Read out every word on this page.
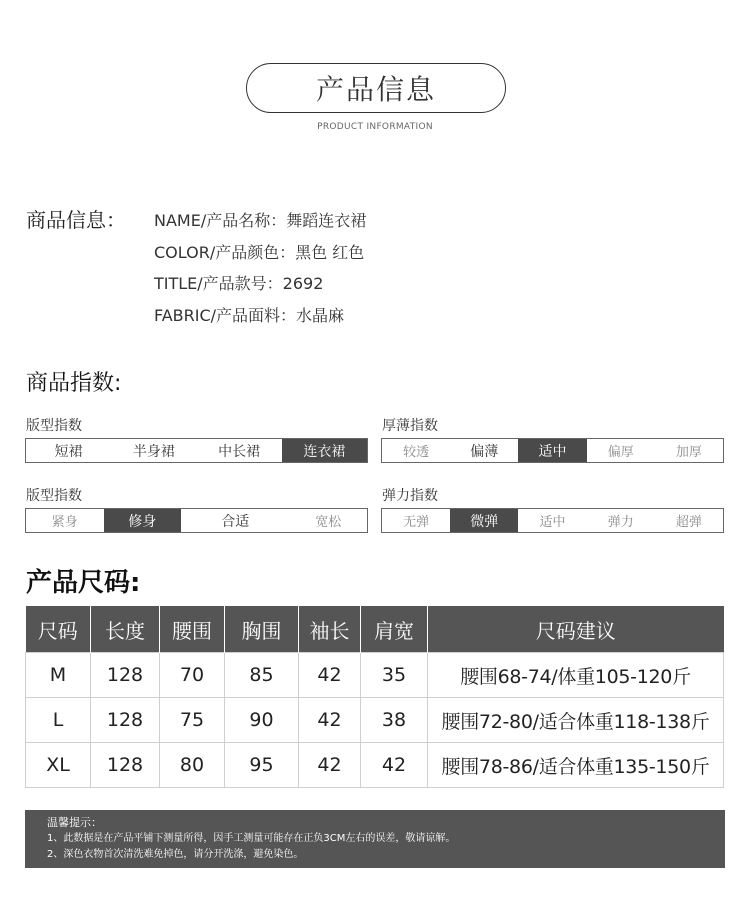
产品信息
PRODUCT INFORMATION
商品信息： NAME/产品名称：舞蹈连衣裙
COLOR/产品颜色：黑色 红色
TITLE/产品款号：2692
FABRIC/产品面料：水晶麻
商品指数:
版型指数
短裙	半身裙	中长裙	连衣裙
厚薄指数
较透	偏薄	适中	偏厚	加厚
版型指数
紧身	修身	合适	宽松
弹力指数
无弹	微弹	适中	弹力	超弹
产品尺码:
尺码	长度	腰围	胸围	袖长	肩宽	尺码建议
M	128	70	85	42	35	腰围68-74/体重105-120斤
L	128	75	90	42	38	腰围72-80/适合体重118-138斤
XL	128	80	95	42	42	腰围78-86/适合体重135-150斤
温馨提示：
1、此数据是在产品平铺下测量所得，因手工测量可能存在正负3CM左右的误差，敬请谅解。
2、深色衣物首次清洗难免掉色，请分开洗涤，避免染色。
